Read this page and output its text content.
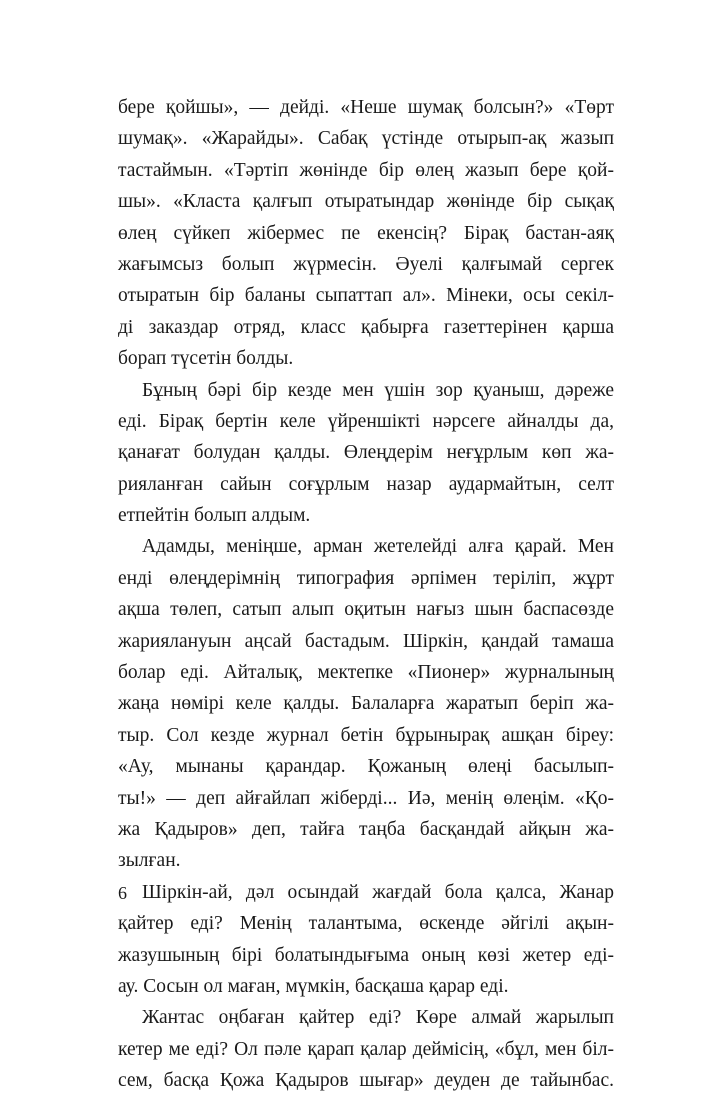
бере қойшы», — дейді. «Неше шумақ болсын?» «Төрт
шумақ». «Жарайды». Сабақ үстінде отырып-ақ жазып
тастаймын. «Тәртіп жөнінде бір өлең жазып бере қой-
шы». «Класта қалғып отыратындар жөнінде бір сықақ
өлең сүйкеп жібермес пе екенсің? Бірақ бастан-аяқ
жағымсыз болып жүрмесін. Әуелі қалғымай сергек
отыратын бір баланы сыпаттап ал». Мінеки, осы секіл-
ді заказдар отряд, класс қабырға газеттерінен қарша
борап түсетін болды.
Бұның бәрі бір кезде мен үшін зор қуаныш, дәреже
еді. Бірақ бертін келе үйреншікті нәрсеге айналды да,
қанағат болудан қалды. Өлеңдерім неғұрлым көп жа-
рияланған сайын соғұрлым назар аудармайтын, селт
етпейтін болып алдым.
Адамды, меніңше, арман жетелейді алға қарай. Мен
енді өлеңдерімнің типография әрпімен терiлiп, жұрт
ақша төлеп, сатып алып оқитын нағыз шын баспасөзде
жариялануын аңсай бастадым. Шіркін, қандай тамаша
болар еді. Айталық, мектепке «Пионер» журналының
жаңа нөмірі келе қалды. Балаларға жаратып беріп жа-
тыр. Сол кезде журнал бетін бұрынырақ ашқан біреу:
«Ау, мынаны қарандар. Қожаның өлеңі басылып-
ты!» — деп айғайлап жіберді... Иә, менің өлеңім. «Қо-
жа Қадыров» деп, тайға таңба басқандай айқын жа-
зылған.
Шіркін-ай, дәл осындай жағдай бола қалса, Жанар
қайтер еді? Менің талантыма, өскенде әйгілі ақын-
жазушының бірі болатындығыма оның көзі жетер еді-
ау. Сосын ол маған, мүмкін, басқаша қарар еді.
Жантас оңбаған қайтер еді? Көре алмай жарылып
кетер ме еді? Ол пәле қарап қалар деймісің, «бұл, мен біл-
сем, басқа Қожа Қадыров шығар» деуден де тайынбас.
6
